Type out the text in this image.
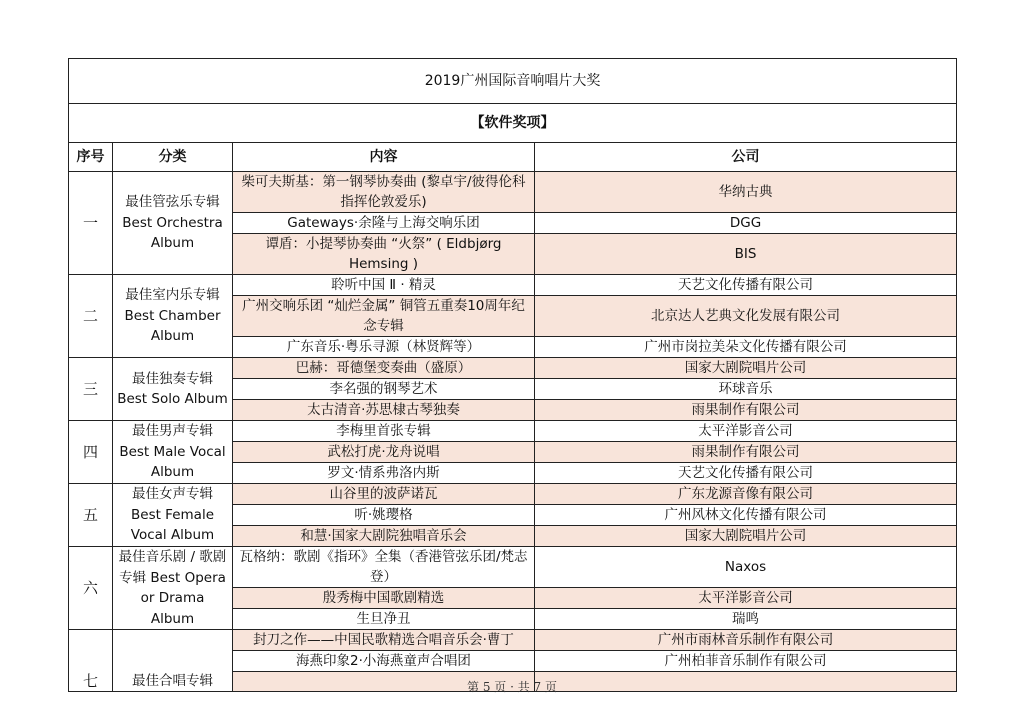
2019广州国际音响唱片大奖			
【软件奖项】			
序号	分类	内容	公司
一	最佳管弦乐专辑 Best Orchestra Album	柴可夫斯基：第一钢琴协奏曲 (黎卓宇/彼得伦科指挥伦敦爱乐)	华纳古典
		Gateways·余隆与上海交响乐团	DGG
		谭盾：小提琴协奏曲 “火祭” ( Eldbjørg Hemsing )	BIS
二	最佳室内乐专辑 Best Chamber Album	聆听中国 Ⅱ · 精灵	天艺文化传播有限公司
		广州交响乐团 “灿烂金属” 铜管五重奏10周年纪念专辑	北京达人艺典文化发展有限公司
		广东音乐·粤乐寻源（林贤辉等）	广州市岗拉美朵文化传播有限公司
三	最佳独奏专辑 Best Solo Album	巴赫：哥德堡变奏曲（盛原）	国家大剧院唱片公司
		李名强的钢琴艺术	环球音乐
		太古清音·苏思棣古琴独奏	雨果制作有限公司
四	最佳男声专辑 Best Male Vocal Album	李梅里首张专辑	太平洋影音公司
		武松打虎·龙舟说唱	雨果制作有限公司
		罗文·情系弗洛内斯	天艺文化传播有限公司
五	最佳女声专辑 Best Female Vocal Album	山谷里的波萨诺瓦	广东龙源音像有限公司
		听·姚璎格	广州风林文化传播有限公司
		和慧·国家大剧院独唱音乐会	国家大剧院唱片公司
六	最佳音乐剧 / 歌剧专辑 Best Opera or Drama Album	瓦格纳：歌剧《指环》全集（香港管弦乐团/梵志登）	Naxos
		殷秀梅中国歌剧精选	太平洋影音公司
		生旦净丑	瑞鸣
七	最佳合唱专辑	封刀之作——中国民歌精选合唱音乐会·曹丁	广州市雨林音乐制作有限公司
		海燕印象2·小海燕童声合唱团	广州柏菲音乐制作有限公司

第 5 页 · 共 7 页
